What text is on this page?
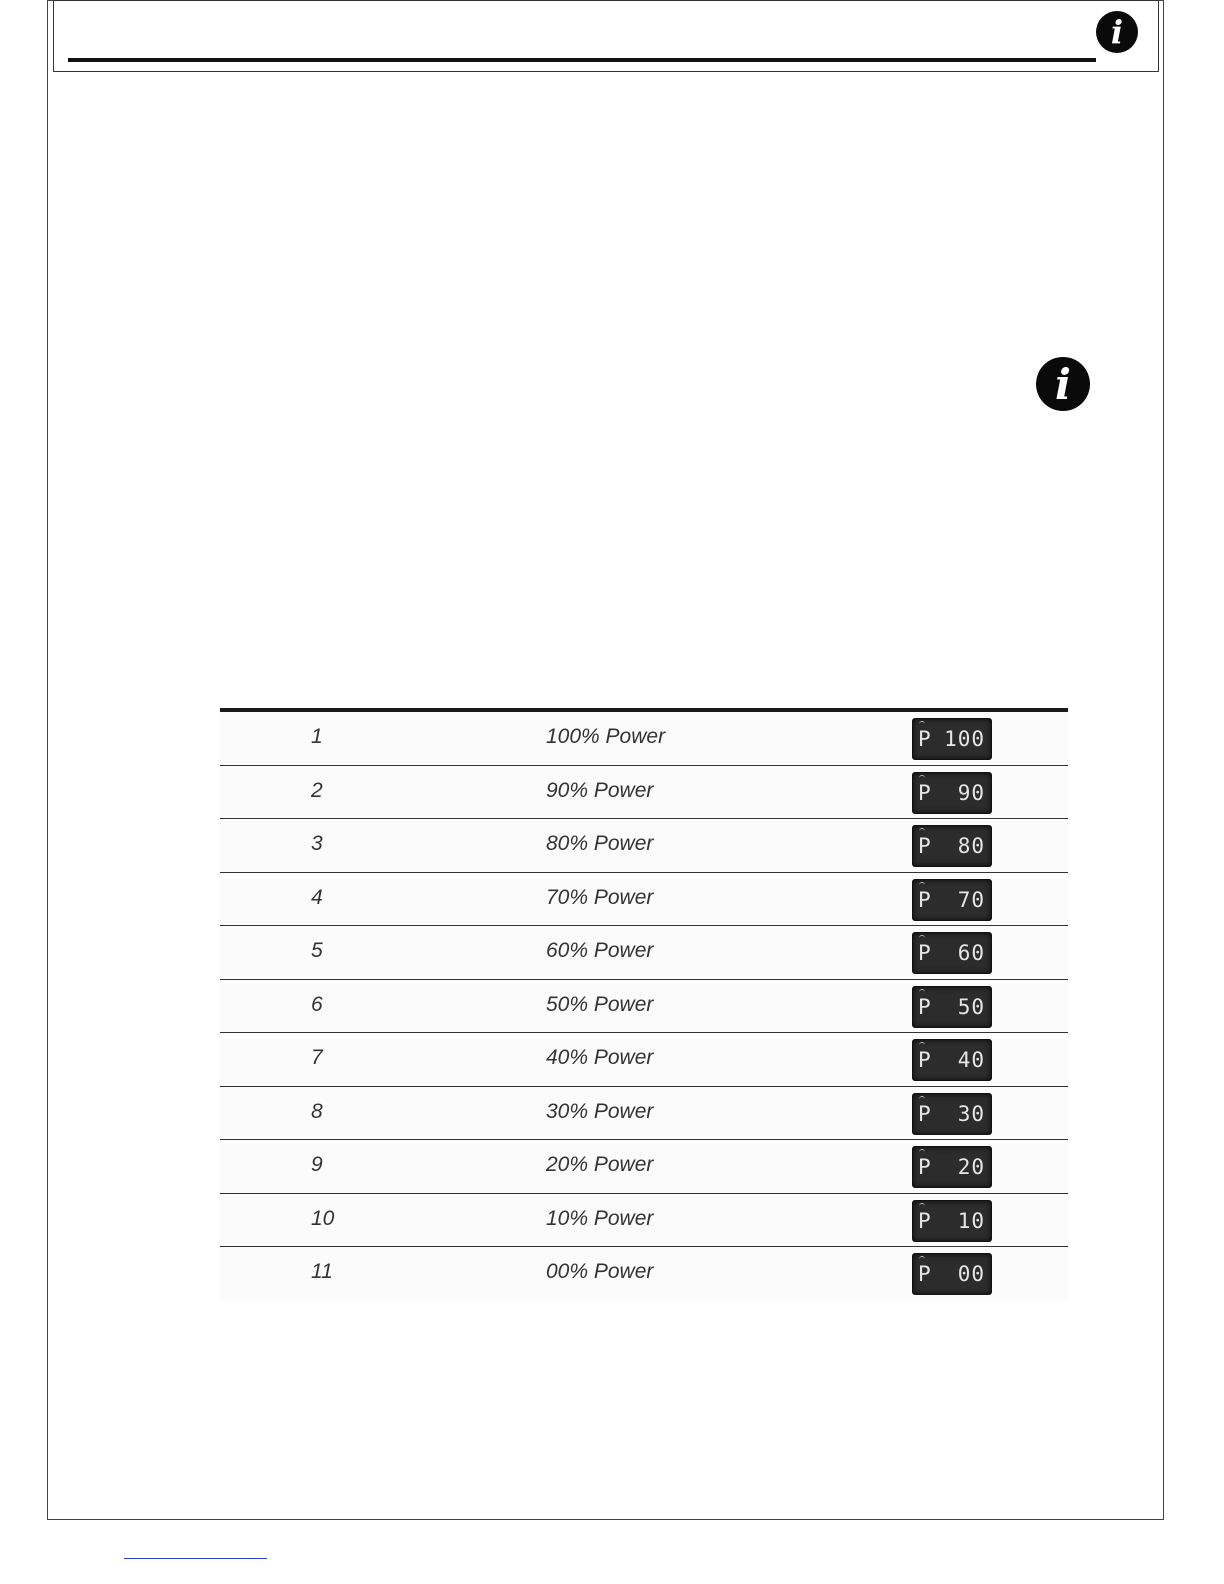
i
i
1	100% Power	P 100
2	90% Power	P 90
3	80% Power	P 80
4	70% Power	P 70
5	60% Power	P 60
6	50% Power	P 50
7	40% Power	P 40
8	30% Power	P 30
9	20% Power	P 20
10	10% Power	P 10
11	00% Power	P 00
